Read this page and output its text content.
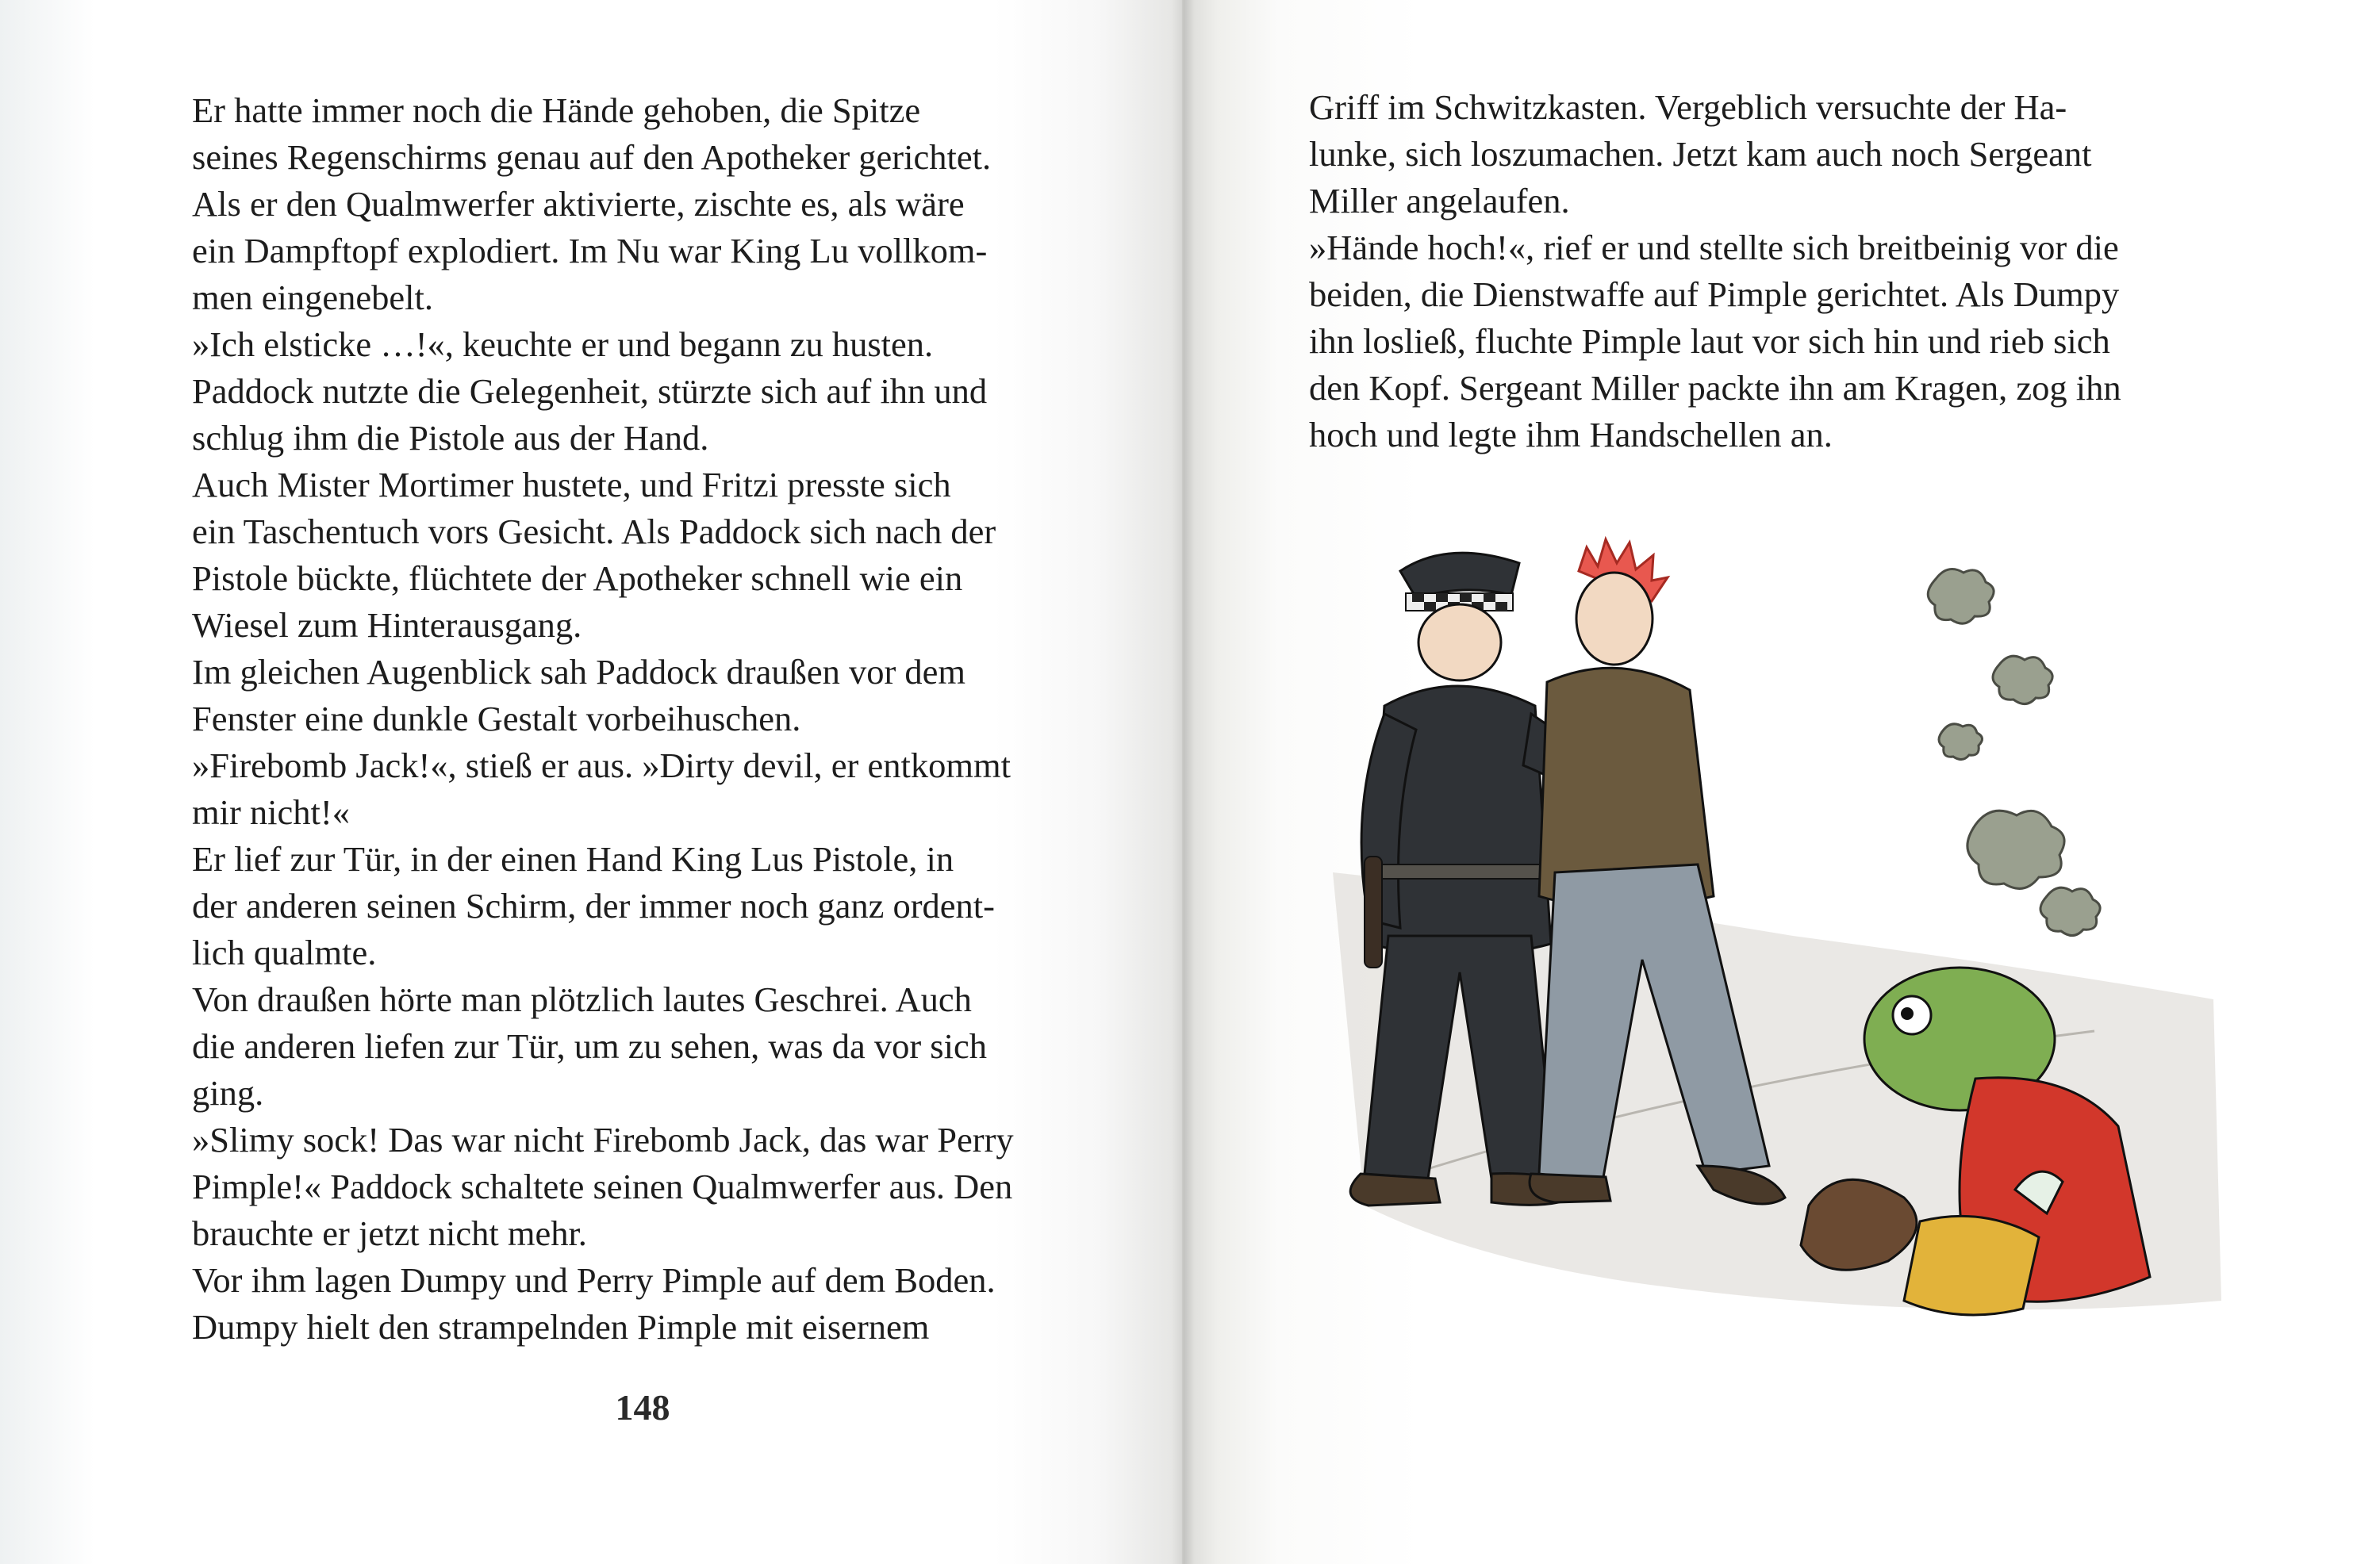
Er hatte immer noch die Hände gehoben, die Spitze
seines Regenschirms genau auf den Apotheker gerichtet.
Als er den Qualmwerfer aktivierte, zischte es, als wäre
ein Dampftopf explodiert. Im Nu war King Lu vollkom-
men eingenebelt.
»Ich elsticke …!«, keuchte er und begann zu husten.
Paddock nutzte die Gelegenheit, stürzte sich auf ihn und
schlug ihm die Pistole aus der Hand.
Auch Mister Mortimer hustete, und Fritzi presste sich
ein Taschentuch vors Gesicht. Als Paddock sich nach der
Pistole bückte, flüchtete der Apotheker schnell wie ein
Wiesel zum Hinterausgang.
Im gleichen Augenblick sah Paddock draußen vor dem
Fenster eine dunkle Gestalt vorbeihuschen.
»Firebomb Jack!«, stieß er aus. »Dirty devil, er entkommt
mir nicht!«
Er lief zur Tür, in der einen Hand King Lus Pistole, in
der anderen seinen Schirm, der immer noch ganz ordent-
lich qualmte.
Von draußen hörte man plötzlich lautes Geschrei. Auch
die anderen liefen zur Tür, um zu sehen, was da vor sich
ging.
»Slimy sock! Das war nicht Firebomb Jack, das war Perry
Pimple!« Paddock schaltete seinen Qualmwerfer aus. Den
brauchte er jetzt nicht mehr.
Vor ihm lagen Dumpy und Perry Pimple auf dem Boden.
Dumpy hielt den strampelnden Pimple mit eisernem

148

Griff im Schwitzkasten. Vergeblich versuchte der Ha-
lunke, sich loszumachen. Jetzt kam auch noch Sergeant
Miller angelaufen.
»Hände hoch!«, rief er und stellte sich breitbeinig vor die
beiden, die Dienstwaffe auf Pimple gerichtet. Als Dumpy
ihn losließ, fluchte Pimple laut vor sich hin und rieb sich
den Kopf. Sergeant Miller packte ihn am Kragen, zog ihn
hoch und legte ihm Handschellen an.
